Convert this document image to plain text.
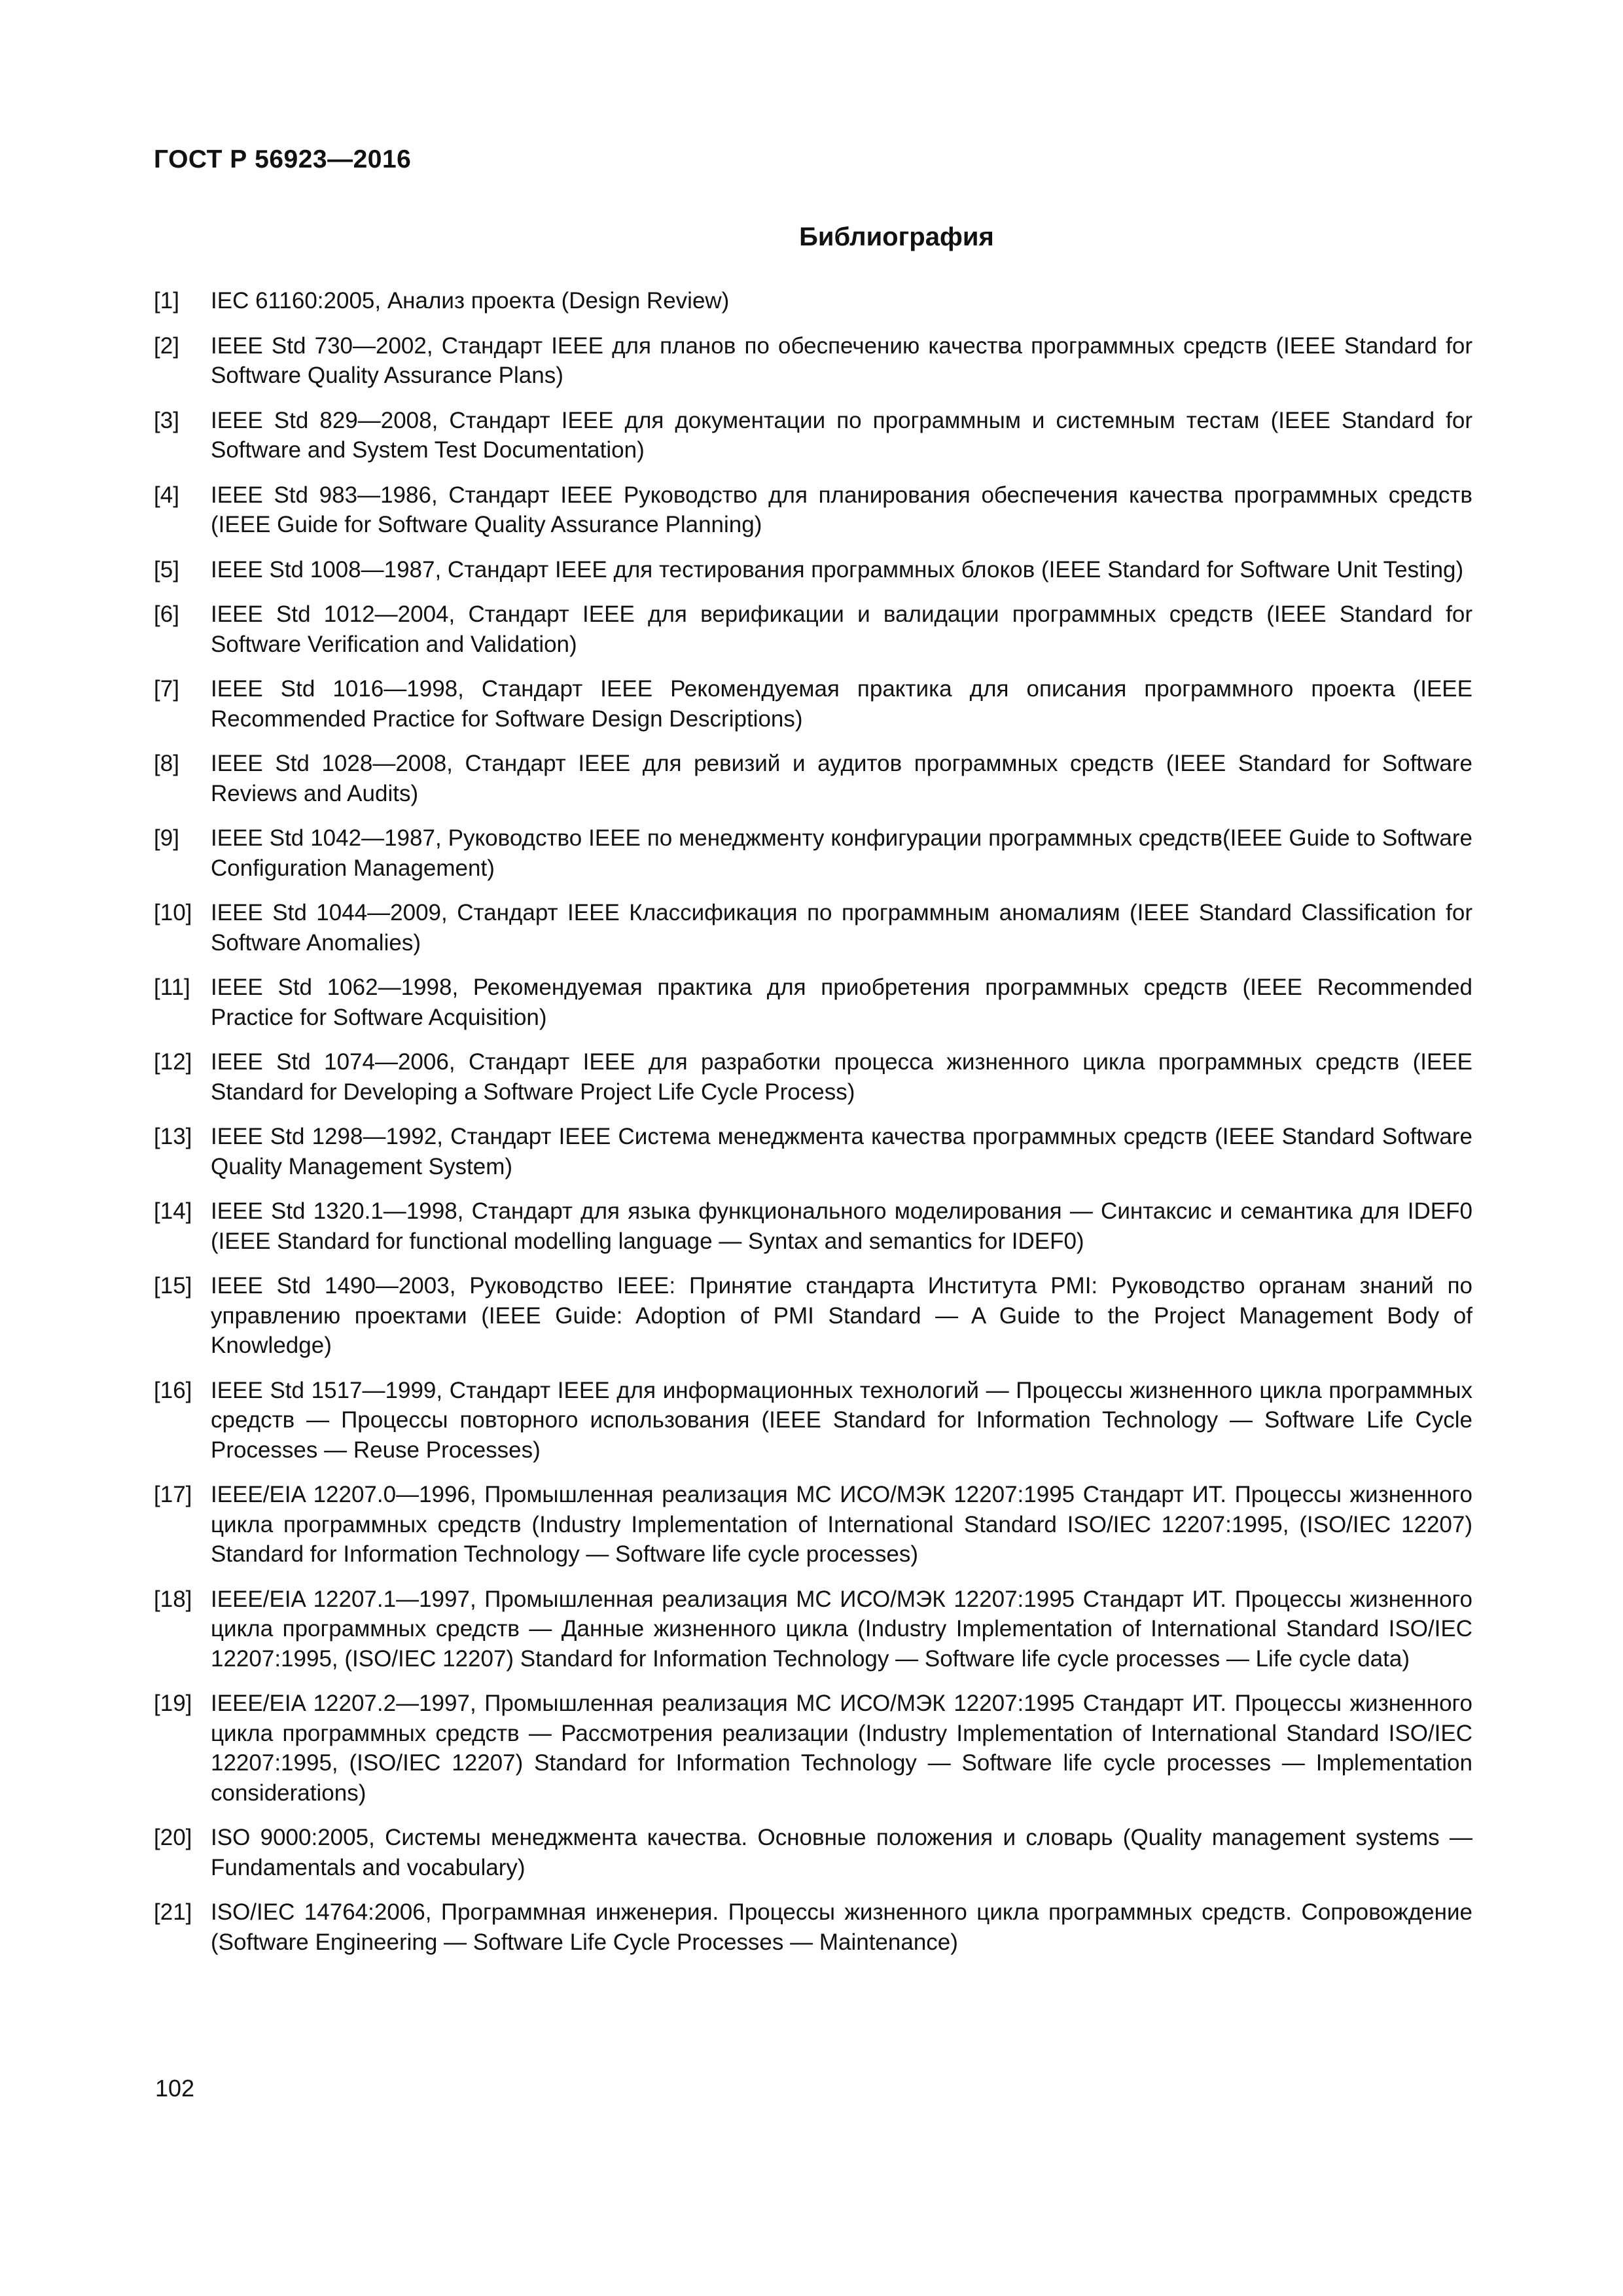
ГОСТ Р 56923—2016
Библиография
[1]	IEC 61160:2005, Анализ проекта (Design Review)
[2]	IEEE Std 730—2002, Стандарт IEEE для планов по обеспечению качества программных средств (IEEE Standard for Software Quality Assurance Plans)
[3]	IEEE Std 829—2008, Стандарт IEEE для документации по программным и системным тестам (IEEE Standard for Software and System Test Documentation)
[4]	IEEE Std 983—1986, Стандарт IEEE Руководство для планирования обеспечения качества программных средств (IEEE Guide for Software Quality Assurance Planning)
[5]	IEEE Std 1008—1987, Стандарт IEEE для тестирования программных блоков (IEEE Standard for Software Unit Testing)
[6]	IEEE Std 1012—2004, Стандарт IEEE для верификации и валидации программных средств (IEEE Standard for Software Verification and Validation)
[7]	IEEE Std 1016—1998, Стандарт IEEE Рекомендуемая практика для описания программного проекта (IEEE Recommended Practice for Software Design Descriptions)
[8]	IEEE Std 1028—2008, Стандарт IEEE для ревизий и аудитов программных средств (IEEE Standard for Software Reviews and Audits)
[9]	IEEE Std 1042—1987, Руководство IEEE по менеджменту конфигурации программных средств(IEEE Guide to Software Configuration Management)
[10] IEEE Std 1044—2009, Стандарт IEEE Классификация по программным аномалиям (IEEE Standard Classification for Software Anomalies)
[11] IEEE Std 1062—1998, Рекомендуемая практика для приобретения программных средств (IEEE Recommended Practice for Software Acquisition)
[12] IEEE Std 1074—2006, Стандарт IEEE для разработки процесса жизненного цикла программных средств (IEEE Standard for Developing a Software Project Life Cycle Process)
[13] IEEE Std 1298—1992, Стандарт IEEE Система менеджмента качества программных средств (IEEE Standard Software Quality Management System)
[14] IEEE Std 1320.1—1998, Стандарт для языка функционального моделирования — Синтаксис и семантика для IDEF0 (IEEE Standard for functional modelling language — Syntax and semantics for IDEF0)
[15] IEEE Std 1490—2003, Руководство IEEE: Принятие стандарта Института PMI: Руководство органам знаний по управлению проектами (IEEE Guide: Adoption of PMI Standard — A Guide to the Project Management Body of Knowledge)
[16] IEEE Std 1517—1999, Стандарт IEEE для информационных технологий — Процессы жизненного цикла программных средств — Процессы повторного использования (IEEE Standard for Information Technology — Software Life Cycle Processes — Reuse Processes)
[17] IEEE/EIA 12207.0—1996, Промышленная реализация МС ИСО/МЭК 12207:1995 Стандарт ИТ. Процессы жизненного цикла программных средств (Industry Implementation of International Standard ISO/IEC 12207:1995, (ISO/IEC 12207) Standard for Information Technology — Software life cycle processes)
[18] IEEE/EIA 12207.1—1997, Промышленная реализация МС ИСО/МЭК 12207:1995 Стандарт ИТ. Процессы жизненного цикла программных средств — Данные жизненного цикла (Industry Implementation of International Standard ISO/IEC 12207:1995, (ISO/IEC 12207) Standard for Information Technology — Software life cycle processes — Life cycle data)
[19] IEEE/EIA 12207.2—1997, Промышленная реализация МС ИСО/МЭК 12207:1995 Стандарт ИТ. Процессы жизненного цикла программных средств — Рассмотрения реализации (Industry Implementation of International Standard ISO/IEC 12207:1995, (ISO/IEC 12207) Standard for Information Technology — Software life cycle processes — Implementation considerations)
[20] ISO 9000:2005, Системы менеджмента качества. Основные положения и словарь (Quality management systems — Fundamentals and vocabulary)
[21] ISO/IEC 14764:2006, Программная инженерия. Процессы жизненного цикла программных средств. Сопровождение (Software Engineering — Software Life Cycle Processes — Maintenance)
102
